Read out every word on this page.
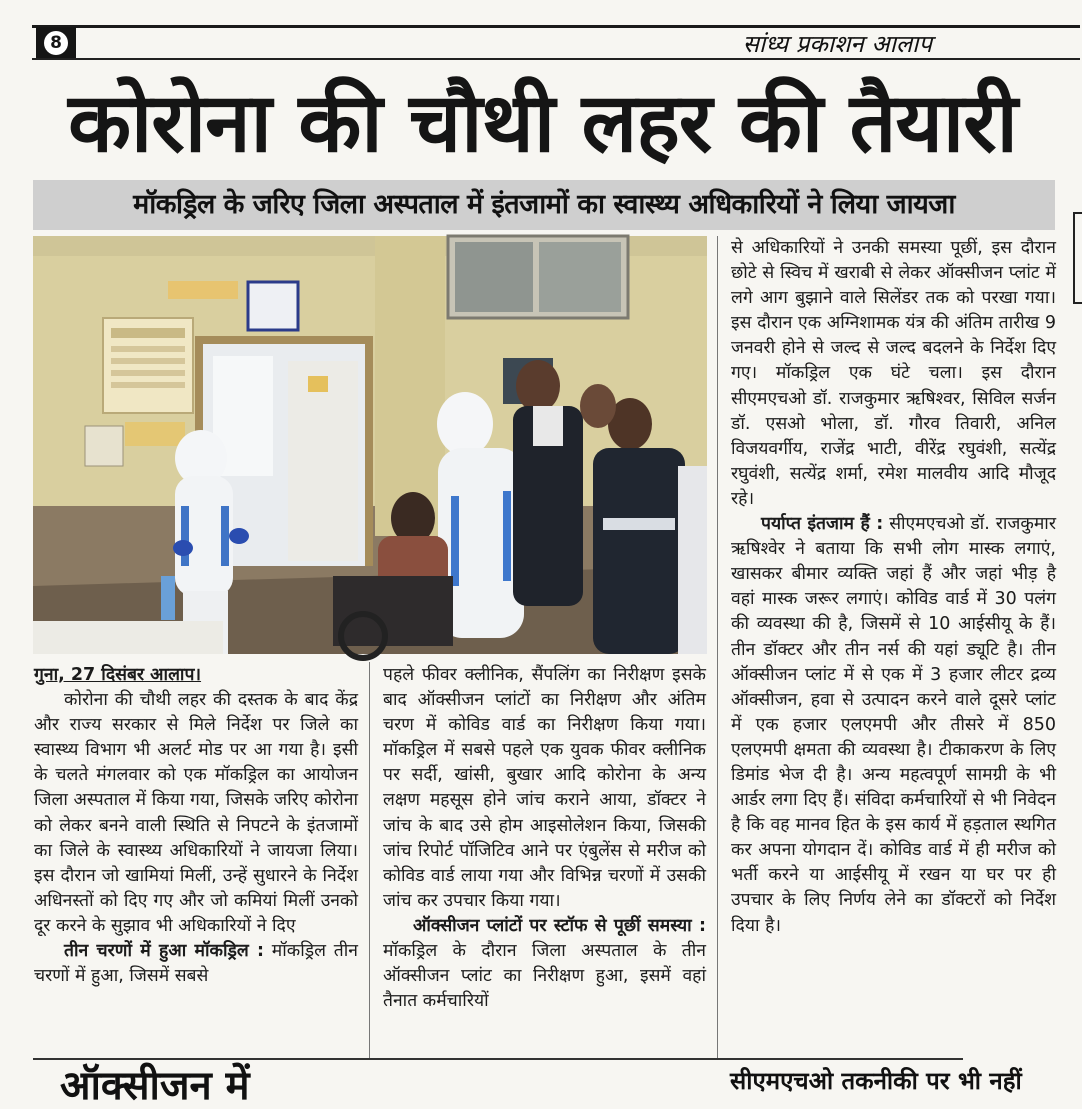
8	सांध्य प्रकाशन आलाप
कोरोना की चौथी लहर की तैयारी
मॉकड्रिल के जरिए जिला अस्पताल में इंतजामों का स्वास्थ्य अधिकारियों ने लिया जायजा

गुना, 27 दिसंबर आलाप।

कोरोना की चौथी लहर की दस्तक के बाद केंद्र और राज्य सरकार से मिले निर्देश पर जिले का स्वास्थ्य विभाग भी अलर्ट मोड पर आ गया है। इसी के चलते मंगलवार को एक मॉकड्रिल का आयोजन जिला अस्पताल में किया गया, जिसके जरिए कोरोना को लेकर बनने वाली स्थिति से निपटने के इंतजामों का जिले के स्वास्थ्य अधिकारियों ने जायजा लिया। इस दौरान जो खामियां मिलीं, उन्हें सुधारने के निर्देश अधिनस्तों को दिए गए और जो कमियां मिलीं उनको दूर करने के सुझाव भी अधिकारियों ने दिए

तीन चरणों में हुआ मॉकड्रिल : मॉकड्रिल तीन चरणों में हुआ, जिसमें सबसे

पहले फीवर क्लीनिक, सैंपलिंग का निरीक्षण इसके बाद ऑक्सीजन प्लांटों का निरीक्षण और अंतिम चरण में कोविड वार्ड का निरीक्षण किया गया। मॉकड्रिल में सबसे पहले एक युवक फीवर क्लीनिक पर सर्दी, खांसी, बुखार आदि कोरोना के अन्य लक्षण महसूस होने जांच कराने आया, डॉक्टर ने जांच के बाद उसे होम आइसोलेशन किया, जिसकी जांच रिपोर्ट पॉजिटिव आने पर एंबुलेंस से मरीज को कोविड वार्ड लाया गया और विभिन्न चरणों में उसकी जांच कर उपचार किया गया।

ऑक्सीजन प्लांटों पर स्टॉफ से पूछीं समस्या : मॉकड्रिल के दौरान जिला अस्पताल के तीन ऑक्सीजन प्लांट का निरीक्षण हुआ, इसमें वहां तैनात कर्मचारियों

से अधिकारियों ने उनकी समस्या पूछीं, इस दौरान छोटे से स्विच में खराबी से लेकर ऑक्सीजन प्लांट में लगे आग बुझाने वाले सिलेंडर तक को परखा गया। इस दौरान एक अग्निशामक यंत्र की अंतिम तारीख 9 जनवरी होने से जल्द से जल्द बदलने के निर्देश दिए गए। मॉकड्रिल एक घंटे चला। इस दौरान सीएमएचओ डॉ. राजकुमार ऋषिश्वर, सिविल सर्जन डॉ. एसओ भोला, डॉ. गौरव तिवारी, अनिल विजयवर्गीय, राजेंद्र भाटी, वीरेंद्र रघुवंशी, सत्येंद्र रघुवंशी, सत्येंद्र शर्मा, रमेश मालवीय आदि मौजूद रहे।

पर्याप्त इंतजाम हैं : सीएमएचओ डॉ. राजकुमार ऋषिश्वेर ने बताया कि सभी लोग मास्क लगाएं, खासकर बीमार व्यक्ति जहां हैं और जहां भीड़ है वहां मास्क जरूर लगाएं। कोविड वार्ड में 30 पलंग की व्यवस्था की है, जिसमें से 10 आईसीयू के हैं। तीन डॉक्टर और तीन नर्स की यहां ड्यूटि है। तीन ऑक्सीजन प्लांट में से एक में 3 हजार लीटर द्रव्य ऑक्सीजन, हवा से उत्पादन करने वाले दूसरे प्लांट में एक हजार एलएमपी और तीसरे में 850 एलएमपी क्षमता की व्यवस्था है। टीकाकरण के लिए डिमांड भेज दी है। अन्य महत्वपूर्ण सामग्री के भी आर्डर लगा दिए हैं। संविदा कर्मचारियों से भी निवेदन है कि वह मानव हित के इस कार्य में हड़ताल स्थगित कर अपना योगदान दें। कोविड वार्ड में ही मरीज को भर्ती करने या आईसीयू में रखन या घर पर ही उपचार के लिए निर्णय लेने का डॉक्टरों को निर्देश दिया है।

ऑक्सीजन में	सीएमएचओ तकनीकी पर भी नहीं
